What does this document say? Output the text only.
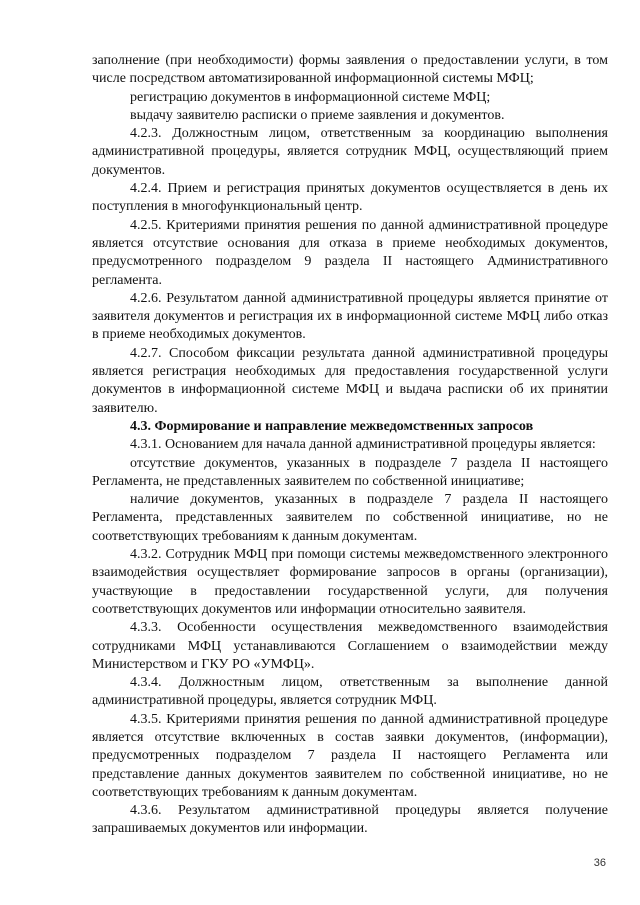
заполнение (при необходимости) формы заявления о предоставлении услуги, в том числе посредством автоматизированной информационной системы МФЦ;

регистрацию документов в информационной системе МФЦ;

выдачу заявителю расписки о приеме заявления и документов.

4.2.3. Должностным лицом, ответственным за координацию выполнения административной процедуры, является сотрудник МФЦ, осуществляющий прием документов.

4.2.4. Прием и регистрация принятых документов осуществляется в день их поступления в многофункциональный центр.

4.2.5. Критериями принятия решения по данной административной процедуре является отсутствие основания для отказа в приеме необходимых документов, предусмотренного подразделом 9 раздела II настоящего Административного регламента.

4.2.6. Результатом данной административной процедуры является принятие от заявителя документов и регистрация их в информационной системе МФЦ либо отказ в приеме необходимых документов.

4.2.7. Способом фиксации результата данной административной процедуры является регистрация необходимых для предоставления государственной услуги документов в информационной системе МФЦ и выдача расписки об их принятии заявителю.

4.3. Формирование и направление межведомственных запросов

4.3.1. Основанием для начала данной административной процедуры является:

отсутствие документов, указанных в подразделе 7 раздела II настоящего Регламента, не представленных заявителем по собственной инициативе;

наличие документов, указанных в подразделе 7 раздела II настоящего Регламента, представленных заявителем по собственной инициативе, но не соответствующих требованиям к данным документам.

4.3.2. Сотрудник МФЦ при помощи системы межведомственного электронного взаимодействия осуществляет формирование запросов в органы (организации), участвующие в предоставлении государственной услуги, для получения соответствующих документов или информации относительно заявителя.

4.3.3. Особенности осуществления межведомственного взаимодействия сотрудниками МФЦ устанавливаются Соглашением о взаимодействии между Министерством и ГКУ РО «УМФЦ».

4.3.4. Должностным лицом, ответственным за выполнение данной административной процедуры, является сотрудник МФЦ.

4.3.5. Критериями принятия решения по данной административной процедуре является отсутствие включенных в состав заявки документов, (информации), предусмотренных подразделом 7 раздела II настоящего Регламента или представление данных документов заявителем по собственной инициативе, но не соответствующих требованиям к данным документам.

4.3.6. Результатом административной процедуры является получение запрашиваемых документов или информации.

36
